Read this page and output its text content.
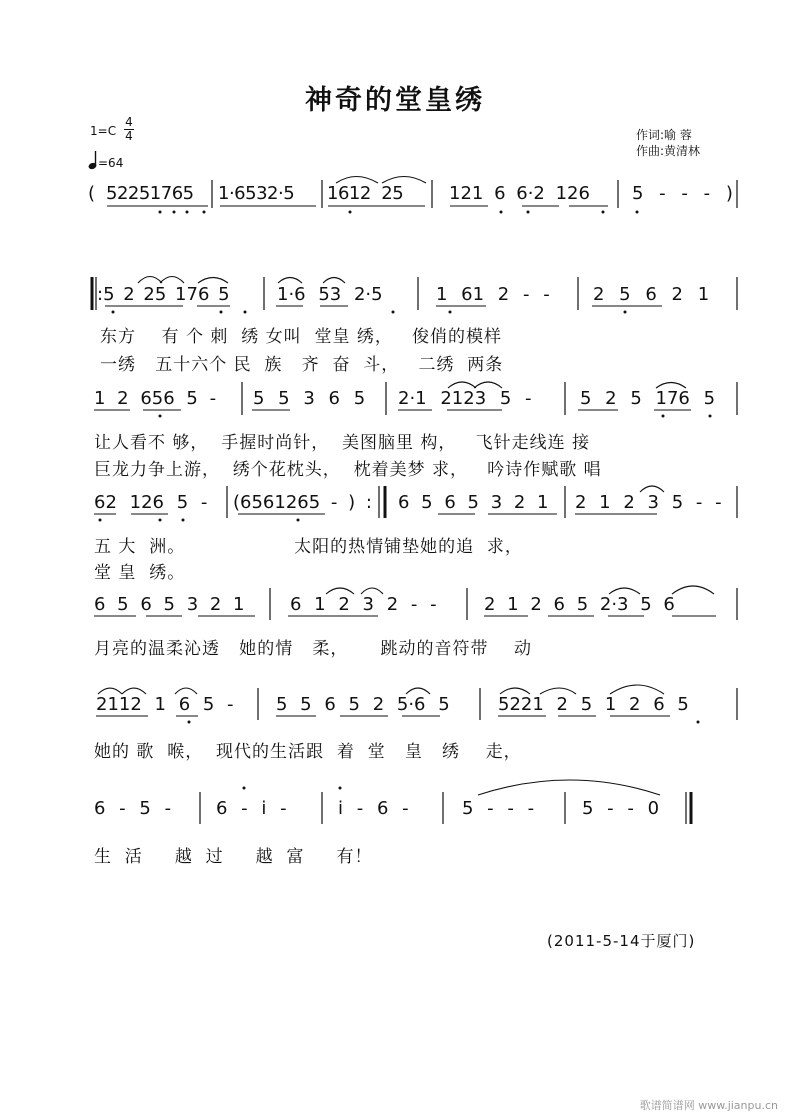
神奇的堂皇绣
1=C
4
4
=64
作词:喻 蓉
作曲:黄清林
( 52251765 1·6532·5 1612  25	121 6 6·2 126 5 - - - )
:5 2 25 176 5	1·6 53 2·5	1 61 2 - - 2 5 6 2 1
东方    有 个 刺  绣 女叫  堂皇 绣，   俊俏的模样
一绣   五十六个 民  族   齐  奋  斗，   二绣  两条
1 2 656 5 - 5 5 3 6 5 2·1 2123 5 -	5 2 5 176 5
让人看不 够，  手握时尚针，  美图脑里 构，   飞针走线连 接
巨龙力争上游，  绣个花枕头，  枕着美梦 求，   吟诗作赋歌 唱
62 126 5 - (6561265 - ) : 6 5 6 5 3 2 1 2 1 2 3 5 - -
五 大  洲。                 太阳的热情铺垫她的追  求，
堂 皇  绣。
6 5 6 5 3 2 1	6 1 2 3 2 - -	2 1 2 6 5 2·3 5 6
月亮的温柔沁透   她的情   柔，     跳动的音符带    动
2112 1 6 5 - 5 5 6 5 2 5·6 5	5221 2 5 1 2 6 5
她的 歌  喉，  现代的生活跟  着  堂   皇   绣    走，
6 - 5 - 6 - i -	i - 6 -	5 - - -	5 - - 0
生  活     越  过     越  富     有！
(2011-5-14于厦门)
歌谱简谱网 www.jianpu.cn
